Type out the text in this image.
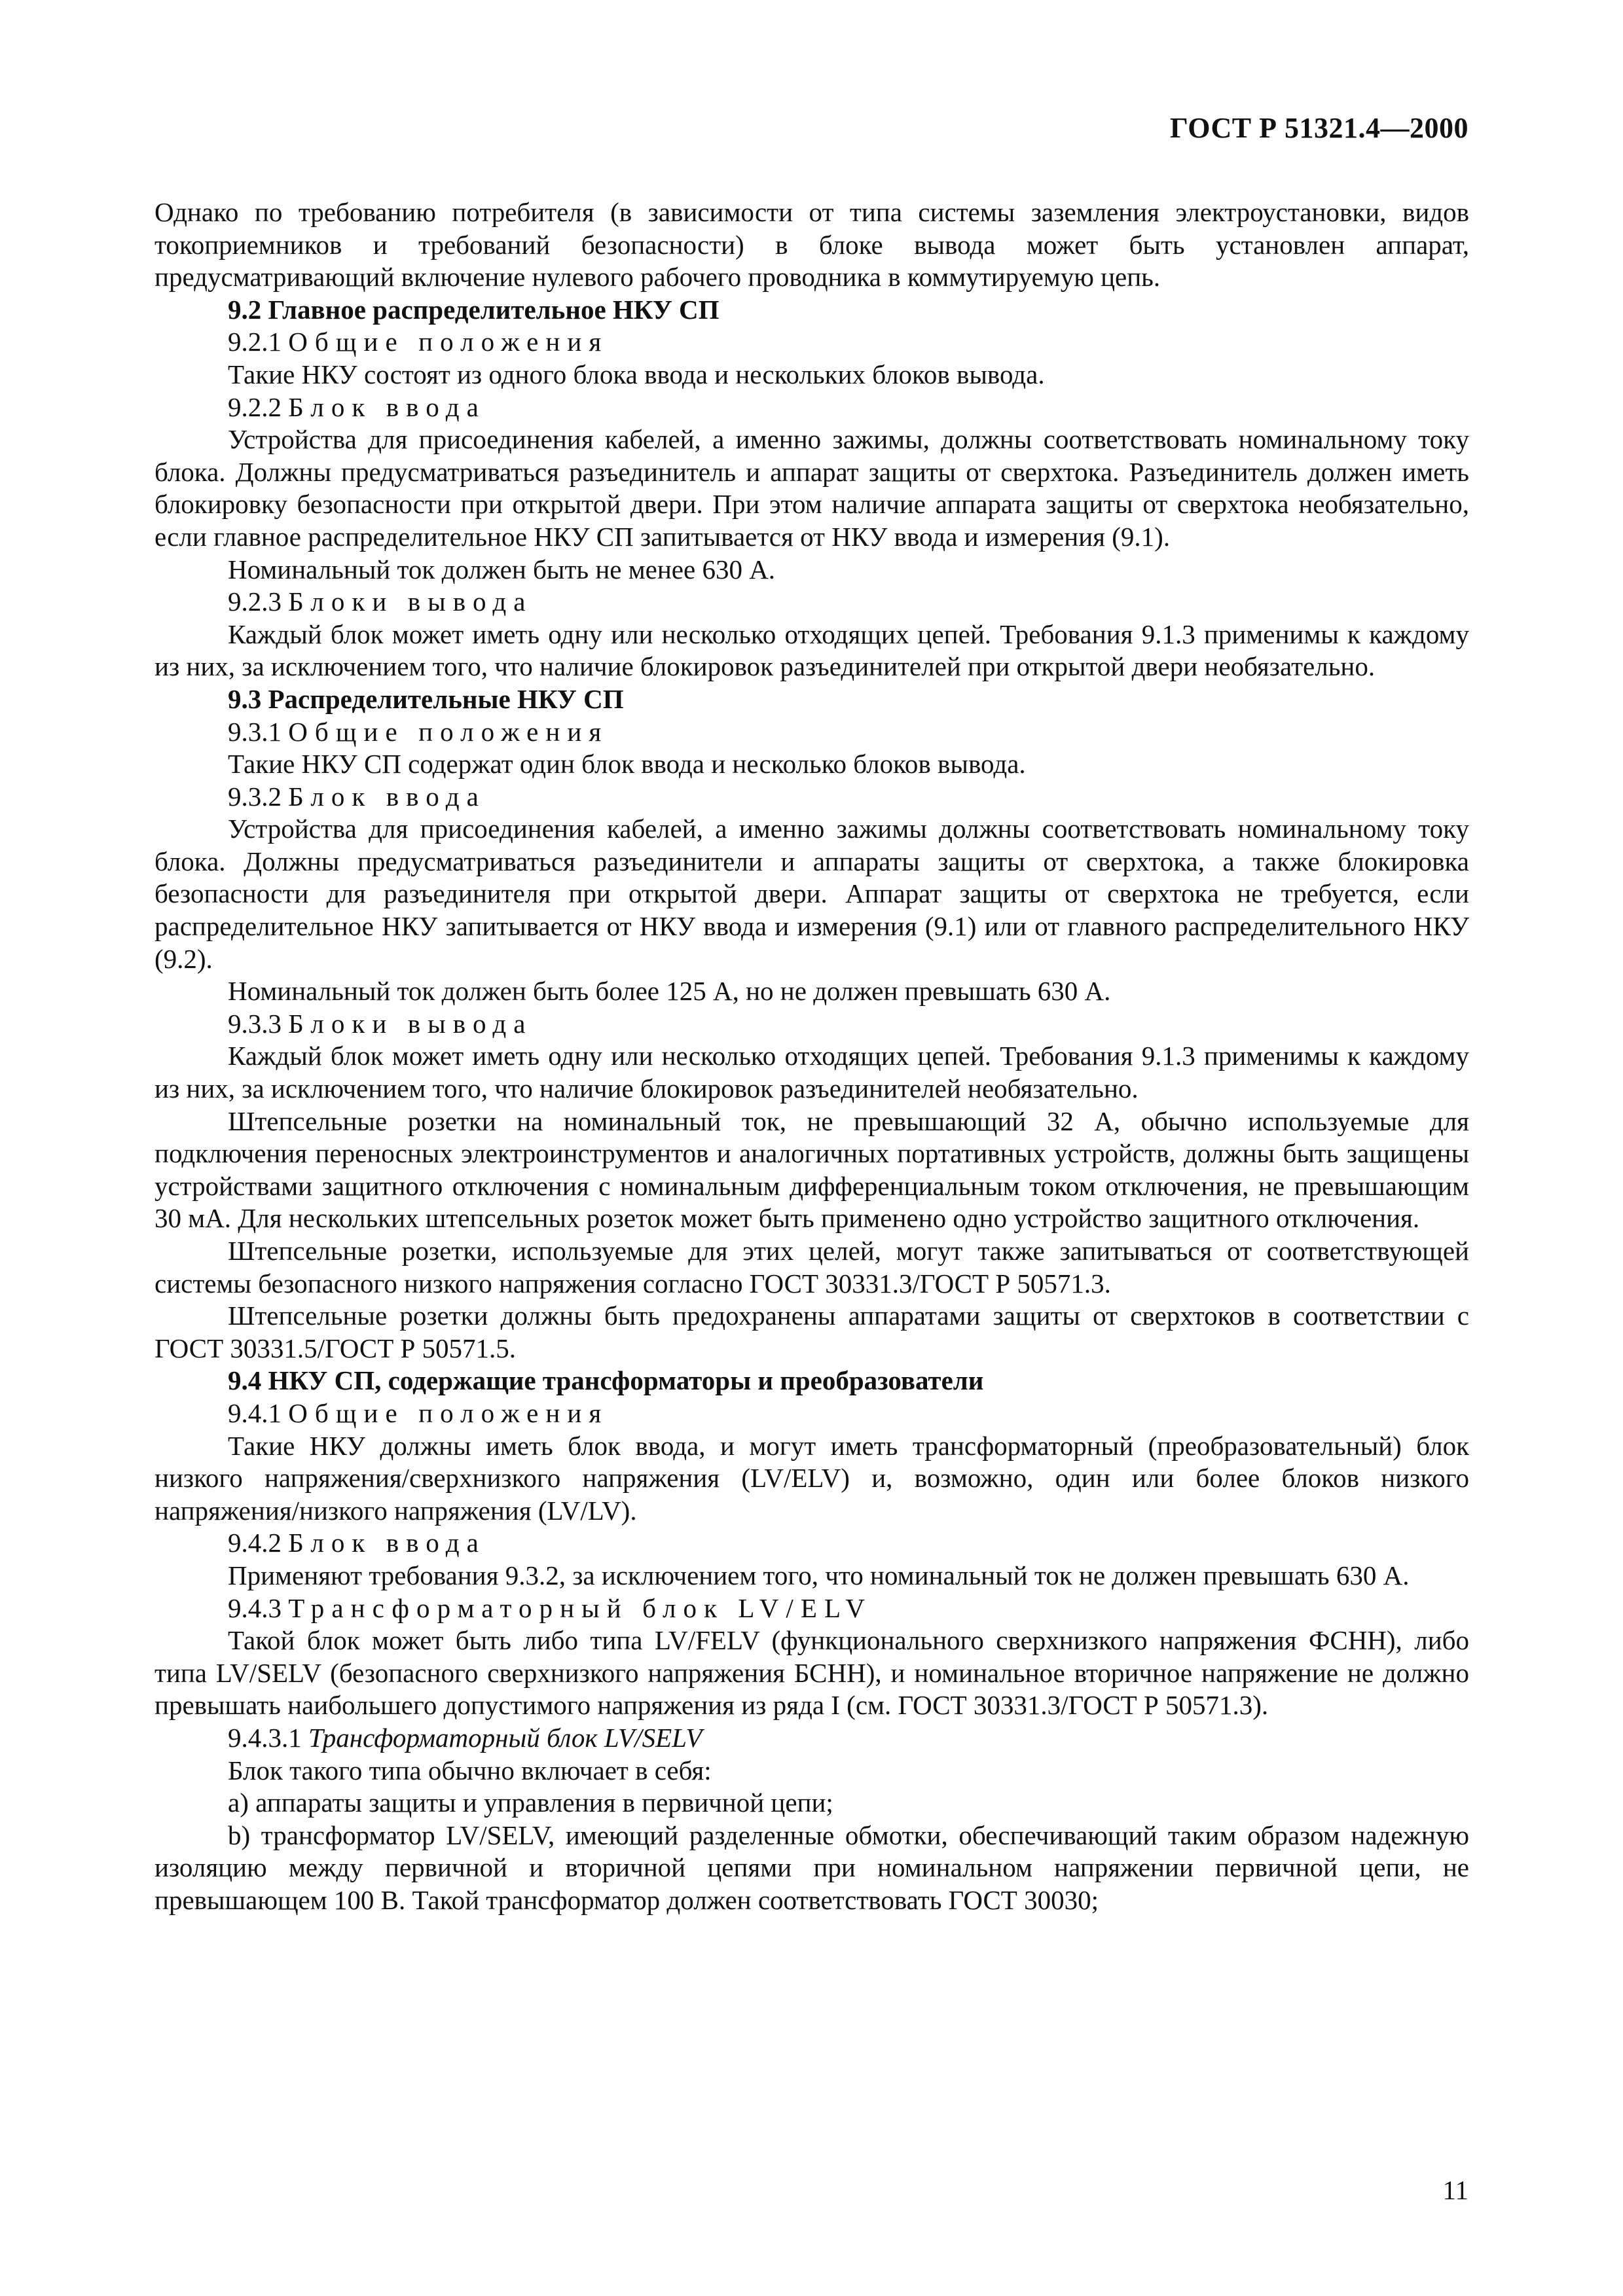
ГОСТ Р 51321.4—2000

Однако по требованию потребителя (в зависимости от типа системы заземления электроустановки, видов токоприемников и требований безопасности) в блоке вывода может быть установлен аппарат, предусматривающий включение нулевого рабочего проводника в коммутируемую цепь.

9.2 Главное распределительное НКУ СП

9.2.1 Общие положения

Такие НКУ состоят из одного блока ввода и нескольких блоков вывода.

9.2.2 Блок ввода

Устройства для присоединения кабелей, а именно зажимы, должны соответствовать номинальному току блока. Должны предусматриваться разъединитель и аппарат защиты от сверхтока. Разъединитель должен иметь блокировку безопасности при открытой двери. При этом наличие аппарата защиты от сверхтока необязательно, если главное распределительное НКУ СП запитывается от НКУ ввода и измерения (9.1).

Номинальный ток должен быть не менее 630 А.

9.2.3 Блоки вывода

Каждый блок может иметь одну или несколько отходящих цепей. Требования 9.1.3 применимы к каждому из них, за исключением того, что наличие блокировок разъединителей при открытой двери необязательно.

9.3 Распределительные НКУ СП

9.3.1 Общие положения

Такие НКУ СП содержат один блок ввода и несколько блоков вывода.

9.3.2 Блок ввода

Устройства для присоединения кабелей, а именно зажимы должны соответствовать номинальному току блока. Должны предусматриваться разъединители и аппараты защиты от сверхтока, а также блокировка безопасности для разъединителя при открытой двери. Аппарат защиты от сверхтока не требуется, если распределительное НКУ запитывается от НКУ ввода и измерения (9.1) или от главного распределительного НКУ (9.2).

Номинальный ток должен быть более 125 А, но не должен превышать 630 А.

9.3.3 Блоки вывода

Каждый блок может иметь одну или несколько отходящих цепей. Требования 9.1.3 применимы к каждому из них, за исключением того, что наличие блокировок разъединителей необязательно.

Штепсельные розетки на номинальный ток, не превышающий 32 А, обычно используемые для подключения переносных электроинструментов и аналогичных портативных устройств, должны быть защищены устройствами защитного отключения с номинальным дифференциальным током отключения, не превышающим 30 мА. Для нескольких штепсельных розеток может быть применено одно устройство защитного отключения.

Штепсельные розетки, используемые для этих целей, могут также запитываться от соответствующей системы безопасного низкого напряжения согласно ГОСТ 30331.3/ГОСТ Р 50571.3.

Штепсельные розетки должны быть предохранены аппаратами защиты от сверхтоков в соответствии с ГОСТ 30331.5/ГОСТ Р 50571.5.

9.4 НКУ СП, содержащие трансформаторы и преобразователи

9.4.1 Общие положения

Такие НКУ должны иметь блок ввода, и могут иметь трансформаторный (преобразовательный) блок низкого напряжения/сверхнизкого напряжения (LV/ELV) и, возможно, один или более блоков низкого напряжения/низкого напряжения (LV/LV).

9.4.2 Блок ввода

Применяют требования 9.3.2, за исключением того, что номинальный ток не должен превышать 630 А.

9.4.3 Трансформаторный блок LV/ELV

Такой блок может быть либо типа LV/FELV (функционального сверхнизкого напряжения ФСНН), либо типа LV/SELV (безопасного сверхнизкого напряжения БСНН), и номинальное вторичное напряжение не должно превышать наибольшего допустимого напряжения из ряда I (см. ГОСТ 30331.3/ГОСТ Р 50571.3).

9.4.3.1 Трансформаторный блок LV/SELV

Блок такого типа обычно включает в себя:

a) аппараты защиты и управления в первичной цепи;

b) трансформатор LV/SELV, имеющий разделенные обмотки, обеспечивающий таким образом надежную изоляцию между первичной и вторичной цепями при номинальном напряжении первичной цепи, не превышающем 100 В. Такой трансформатор должен соответствовать ГОСТ 30030;

11
